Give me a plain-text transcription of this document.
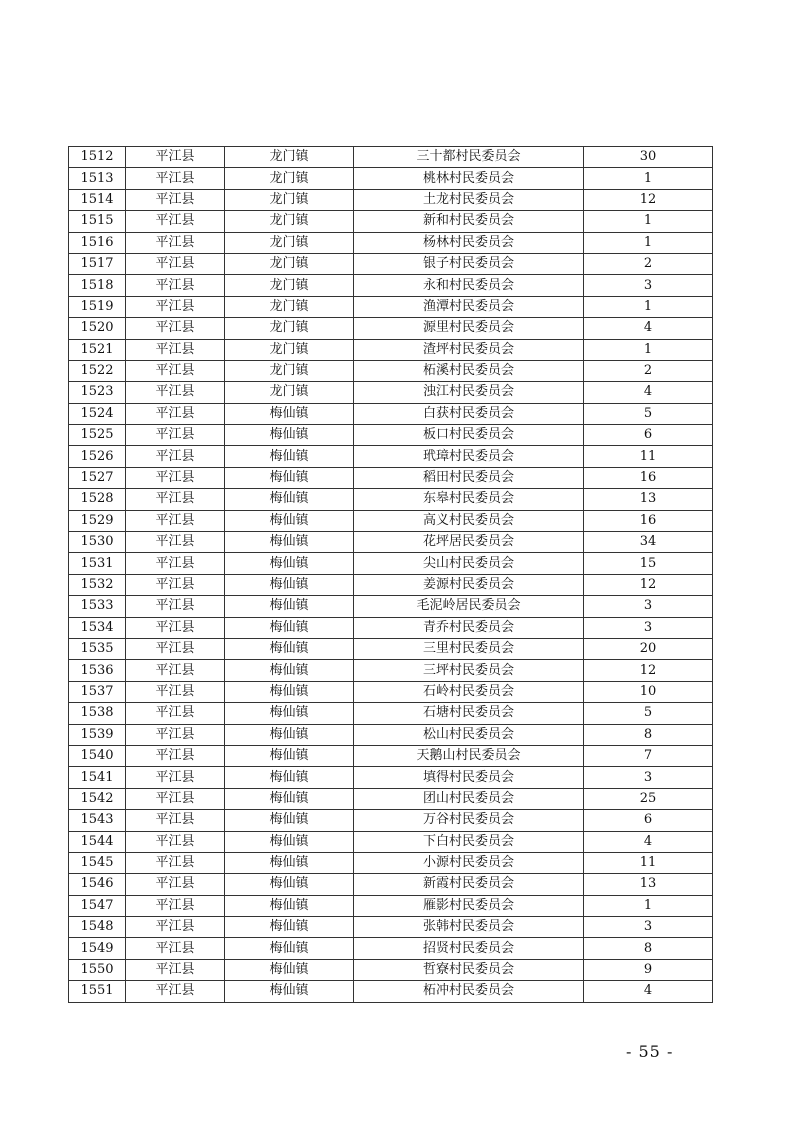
1512	平江县	龙门镇	三十都村民委员会	30
1513	平江县	龙门镇	桃林村民委员会	1
1514	平江县	龙门镇	土龙村民委员会	12
1515	平江县	龙门镇	新和村民委员会	1
1516	平江县	龙门镇	杨林村民委员会	1
1517	平江县	龙门镇	银子村民委员会	2
1518	平江县	龙门镇	永和村民委员会	3
1519	平江县	龙门镇	渔潭村民委员会	1
1520	平江县	龙门镇	源里村民委员会	4
1521	平江县	龙门镇	渣坪村民委员会	1
1522	平江县	龙门镇	柘溪村民委员会	2
1523	平江县	龙门镇	浊江村民委员会	4
1524	平江县	梅仙镇	白获村民委员会	5
1525	平江县	梅仙镇	板口村民委员会	6
1526	平江县	梅仙镇	玳璋村民委员会	11
1527	平江县	梅仙镇	稻田村民委员会	16
1528	平江县	梅仙镇	东皋村民委员会	13
1529	平江县	梅仙镇	高义村民委员会	16
1530	平江县	梅仙镇	花坪居民委员会	34
1531	平江县	梅仙镇	尖山村民委员会	15
1532	平江县	梅仙镇	姜源村民委员会	12
1533	平江县	梅仙镇	毛泥岭居民委员会	3
1534	平江县	梅仙镇	青乔村民委员会	3
1535	平江县	梅仙镇	三里村民委员会	20
1536	平江县	梅仙镇	三坪村民委员会	12
1537	平江县	梅仙镇	石岭村民委员会	10
1538	平江县	梅仙镇	石塘村民委员会	5
1539	平江县	梅仙镇	松山村民委员会	8
1540	平江县	梅仙镇	天鹅山村民委员会	7
1541	平江县	梅仙镇	填得村民委员会	3
1542	平江县	梅仙镇	团山村民委员会	25
1543	平江县	梅仙镇	万谷村民委员会	6
1544	平江县	梅仙镇	下白村民委员会	4
1545	平江县	梅仙镇	小源村民委员会	11
1546	平江县	梅仙镇	新霞村民委员会	13
1547	平江县	梅仙镇	雁影村民委员会	1
1548	平江县	梅仙镇	张韩村民委员会	3
1549	平江县	梅仙镇	招贤村民委员会	8
1550	平江县	梅仙镇	哲寮村民委员会	9
1551	平江县	梅仙镇	柘冲村民委员会	4
- 55 -
